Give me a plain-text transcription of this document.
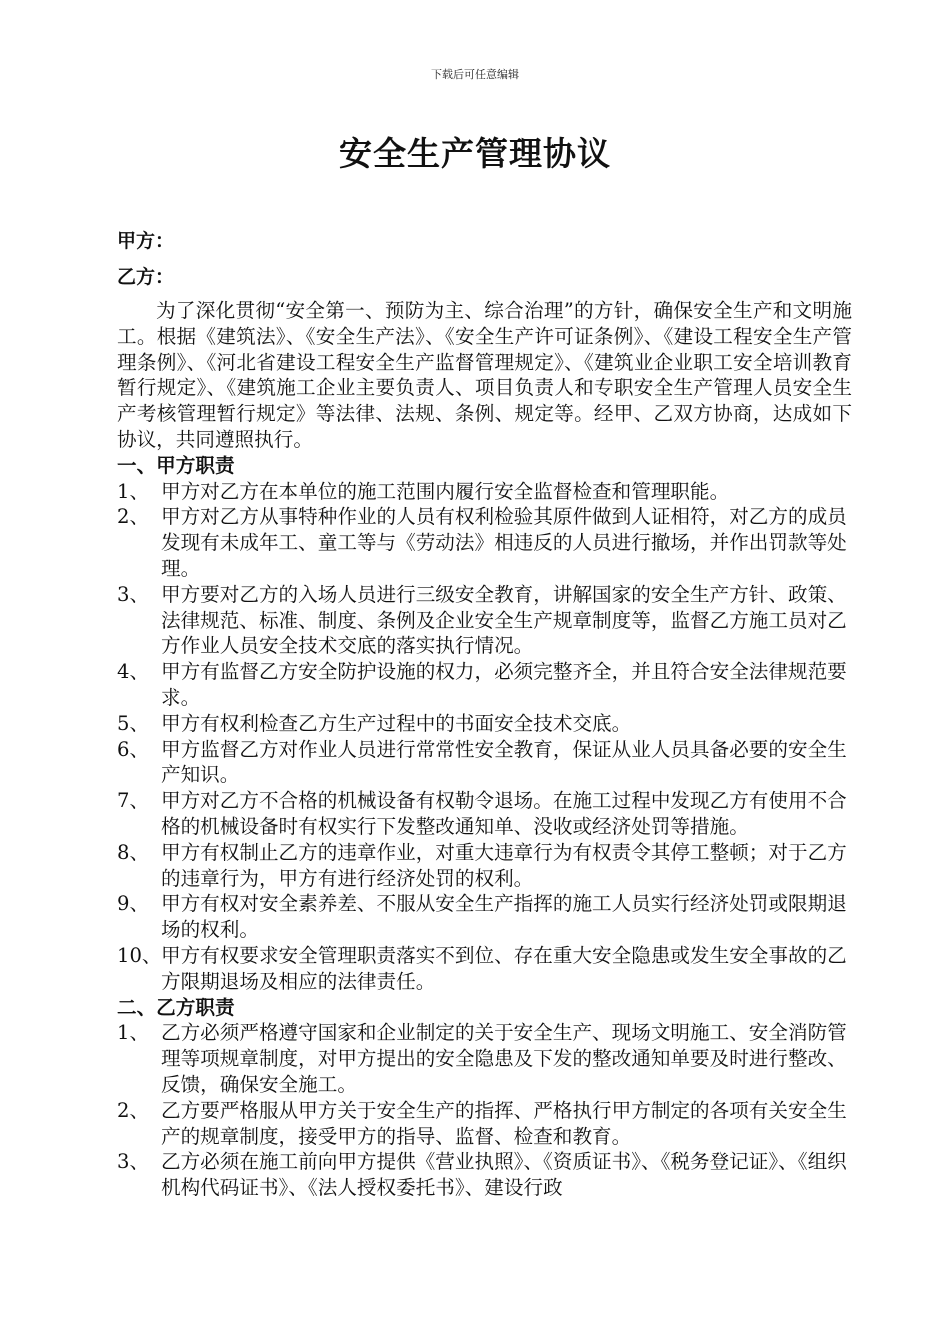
下载后可任意编辑
安全生产管理协议
甲方：
乙方：

为了深化贯彻“安全第一、预防为主、综合治理”的方针，确保安全生产和文明施工。根据《建筑法》、《安全生产法》、《安全生产许可证条例》、《建设工程安全生产管理条例》、《河北省建设工程安全生产监督管理规定》、《建筑业企业职工安全培训教育暂行规定》、《建筑施工企业主要负责人、项目负责人和专职安全生产管理人员安全生产考核管理暂行规定》等法律、法规、条例、规定等。经甲、乙双方协商，达成如下协议，共同遵照执行。

一、甲方职责

1、 甲方对乙方在本单位的施工范围内履行安全监督检查和管理职能。
2、 甲方对乙方从事特种作业的人员有权利检验其原件做到人证相符，对乙方的成员发现有未成年工、童工等与《劳动法》相违反的人员进行撤场，并作出罚款等处理。
3、 甲方要对乙方的入场人员进行三级安全教育，讲解国家的安全生产方针、政策、法律规范、标准、制度、条例及企业安全生产规章制度等，监督乙方施工员对乙方作业人员安全技术交底的落实执行情况。
4、 甲方有监督乙方安全防护设施的权力，必须完整齐全，并且符合安全法律规范要求。
5、 甲方有权利检查乙方生产过程中的书面安全技术交底。
6、 甲方监督乙方对作业人员进行常常性安全教育，保证从业人员具备必要的安全生产知识。
7、 甲方对乙方不合格的机械设备有权勒令退场。在施工过程中发现乙方有使用不合格的机械设备时有权实行下发整改通知单、没收或经济处罚等措施。
8、 甲方有权制止乙方的违章作业，对重大违章行为有权责令其停工整顿；对于乙方的违章行为，甲方有进行经济处罚的权利。
9、 甲方有权对安全素养差、不服从安全生产指挥的施工人员实行经济处罚或限期退场的权利。
10、 甲方有权要求安全管理职责落实不到位、存在重大安全隐患或发生安全事故的乙方限期退场及相应的法律责任。

二、乙方职责

1、 乙方必须严格遵守国家和企业制定的关于安全生产、现场文明施工、安全消防管理等项规章制度，对甲方提出的安全隐患及下发的整改通知单要及时进行整改、反馈，确保安全施工。
2、 乙方要严格服从甲方关于安全生产的指挥、严格执行甲方制定的各项有关安全生产的规章制度，接受甲方的指导、监督、检查和教育。
3、 乙方必须在施工前向甲方提供《营业执照》、《资质证书》、《税务登记证》、《组织机构代码证书》、《法人授权委托书》、建设行政
